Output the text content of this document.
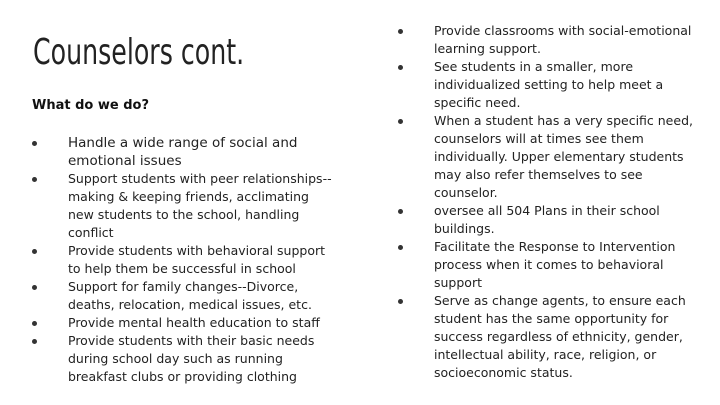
Counselors cont.
What do we do?
Handle a wide range of social and emotional issues
Support students with peer relationships--making & keeping friends, acclimating new students to the school, handling conflict
Provide students with behavioral support to help them be successful in school
Support for family changes--Divorce, deaths, relocation, medical issues, etc.
Provide mental health education to staff
Provide students with their basic needs during school day such as running breakfast clubs or providing clothing
Provide classrooms with social-emotional learning support.
See students in a smaller, more individualized setting to help meet a specific need.
When a student has a very specific need, counselors will at times see them individually. Upper elementary students may also refer themselves to see counselor.
oversee all 504 Plans in their school buildings.
Facilitate the Response to Intervention process when it comes to behavioral support
Serve as change agents, to ensure each student has the same opportunity for success regardless of ethnicity, gender, intellectual ability, race, religion, or socioeconomic status.
